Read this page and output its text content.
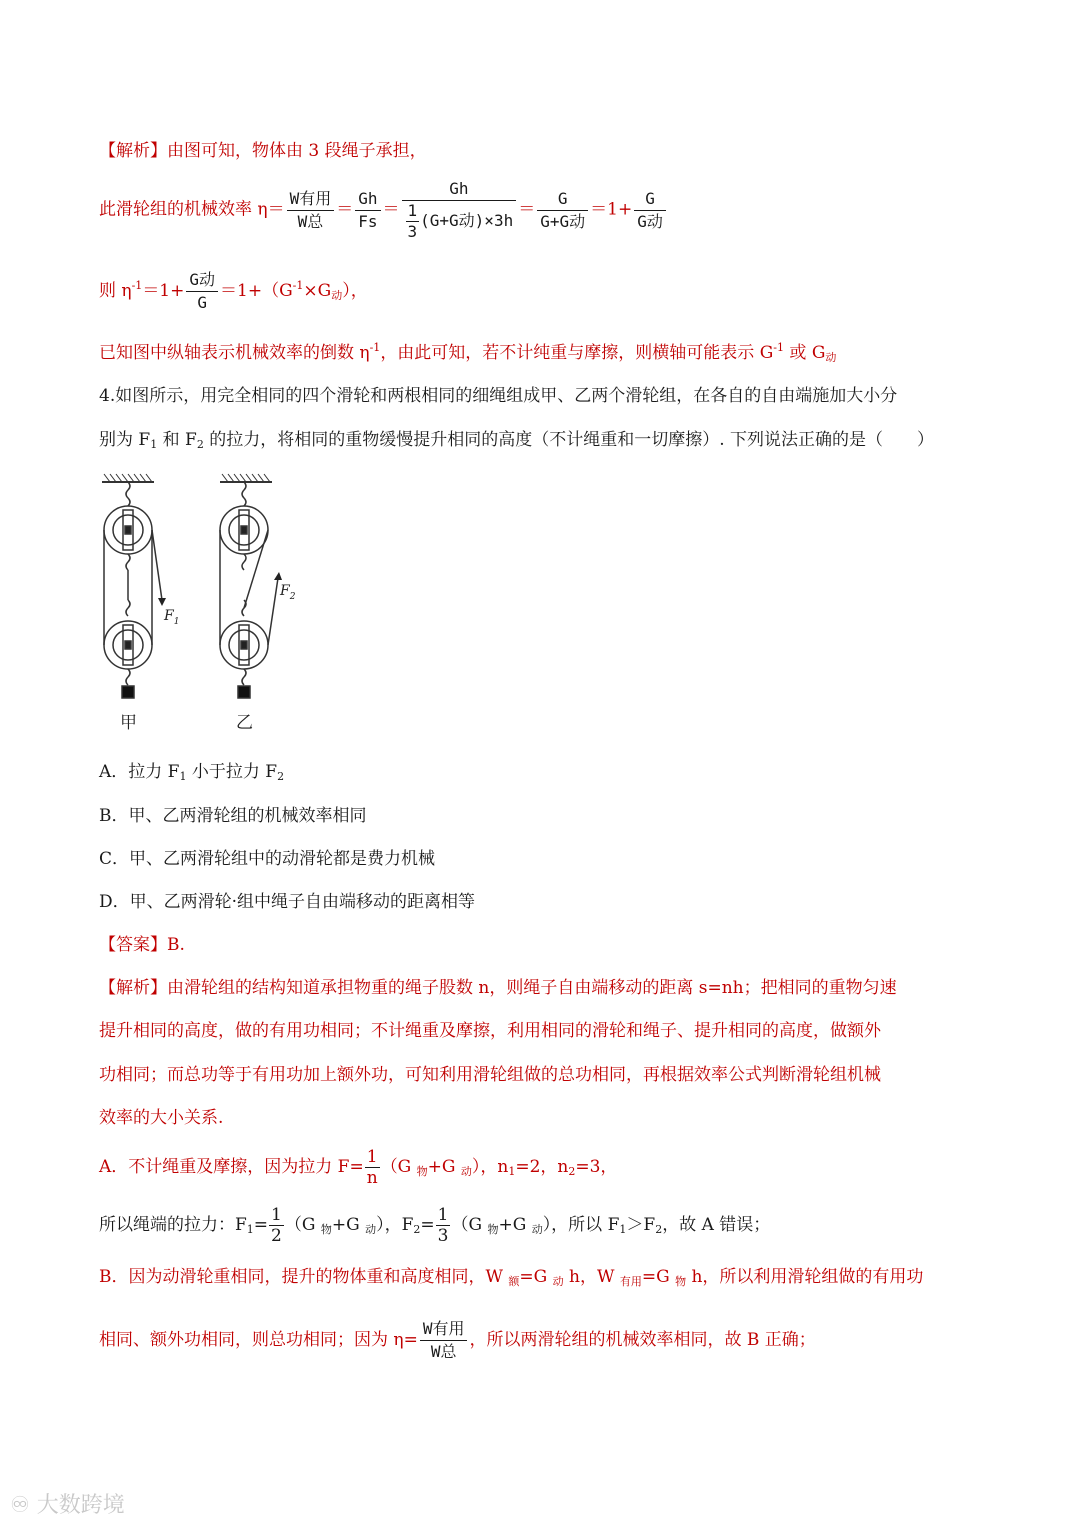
【解析】由图可知，物体由 3 段绳子承担，
此滑轮组的机械效率 $\eta= \frac{\text{W有用}}{\text{W总}} = \frac{Gh}{Fs} = \frac{Gh}{\frac{1}{3} (G+G动)\times 3h} = \frac{G}{\text{G+G动}} =1+ \frac{G}{\text{G动}}$
则 $\eta^{-1}=1+ \frac{\text{G动}}{G} =1+(G^{-1}\times G_动)$，
已知图中纵轴表示机械效率的倒数 $\eta^{-1}$，由此可知，若不计纯重与摩擦，则横轴可能表示 $G^{-1}$ 或 $G_动$
4.如图所示，用完全相同的四个滑轮和两根相同的细绳组成甲、乙两个滑轮组，在各自的自由端施加大小分
别为 $F_1$ 和 $F_2$ 的拉力，将相同的重物缓慢提升相同的高度（不计绳重和一切摩擦）. 下列说法正确的是（　　）
$F_1$
$F_2$
甲	乙
A．拉力 $F_1$ 小于拉力 $F_2$
B．甲、乙两滑轮组的机械效率相同
C．甲、乙两滑轮组中的动滑轮都是费力机械
D．甲、乙两滑轮·组中绳子自由端移动的距离相等
【答案】B.
【解析】由滑轮组的结构知道承担物重的绳子股数 n，则绳子自由端移动的距离 s=nh；把相同的重物匀速
提升相同的高度，做的有用功相同；不计绳重及摩擦，利用相同的滑轮和绳子、提升相同的高度，做额外
功相同；而总功等于有用功加上额外功，可知利用滑轮组做的总功相同，再根据效率公式判断滑轮组机械
效率的大小关系.
A．不计绳重及摩擦，因为拉力 $F= \frac{1}{n} (G$ $_物$+G $_动$），$n_1=2$，$n_2=3$，
所以绳端的拉力：$F_1= \frac{1}{2} (G$ $_物$+G $_动$），$F_2= \frac{1}{3} (G$ $_物$+G $_动$），所以 $F_1>F_2$，故 A 错误；
B．因为动滑轮重相同，提升的物体重和高度相同，W $_额$=G $_动$ h，W $_{有用}$=G $_物$ h，所以利用滑轮组做的有用功
相同、额外功相同，则总功相同；因为 $\eta= \frac{\text{W有用}}{\text{W总}}$ ，所以两滑轮组的机械效率相同，故 B 正确；
♾ 大数跨境
